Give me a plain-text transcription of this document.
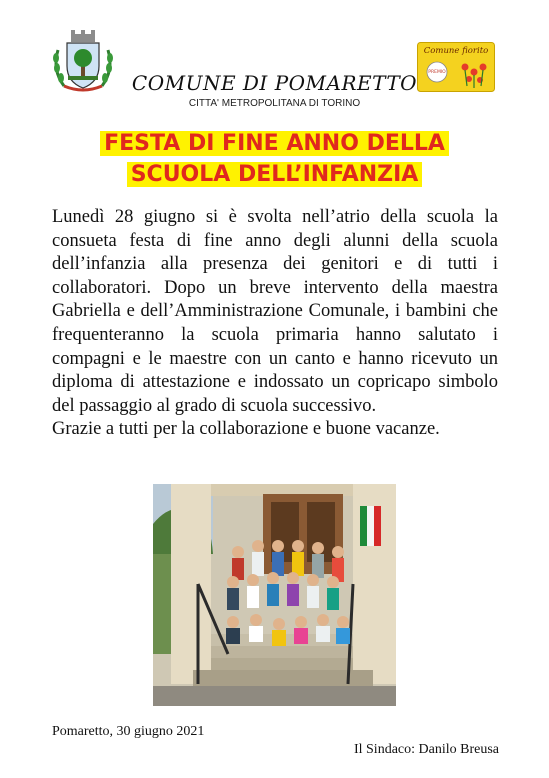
Comune fiorito
PREMIO
COMUNE DI POMARETTO
CITTA' METROPOLITANA DI TORINO
FESTA DI FINE ANNO DELLA
SCUOLA DELL’INFANZIA

Lunedì 28 giugno si è svolta nell’atrio della scuola la consueta festa di fine anno degli alunni della scuola dell’infanzia alla presenza dei genitori e di tutti i collaboratori. Dopo un breve intervento della maestra Gabriella e dell’Amministrazione Comunale, i bambini che frequenteranno la scuola primaria hanno salutato i compagni e le maestre con un canto e hanno ricevuto un diploma di attestazione e indossato un copricapo simbolo del passaggio al grado di scuola successivo.

Grazie a tutti per la collaborazione e buone vacanze.

Pomaretto, 30 giugno 2021
Il Sindaco: Danilo Breusa
